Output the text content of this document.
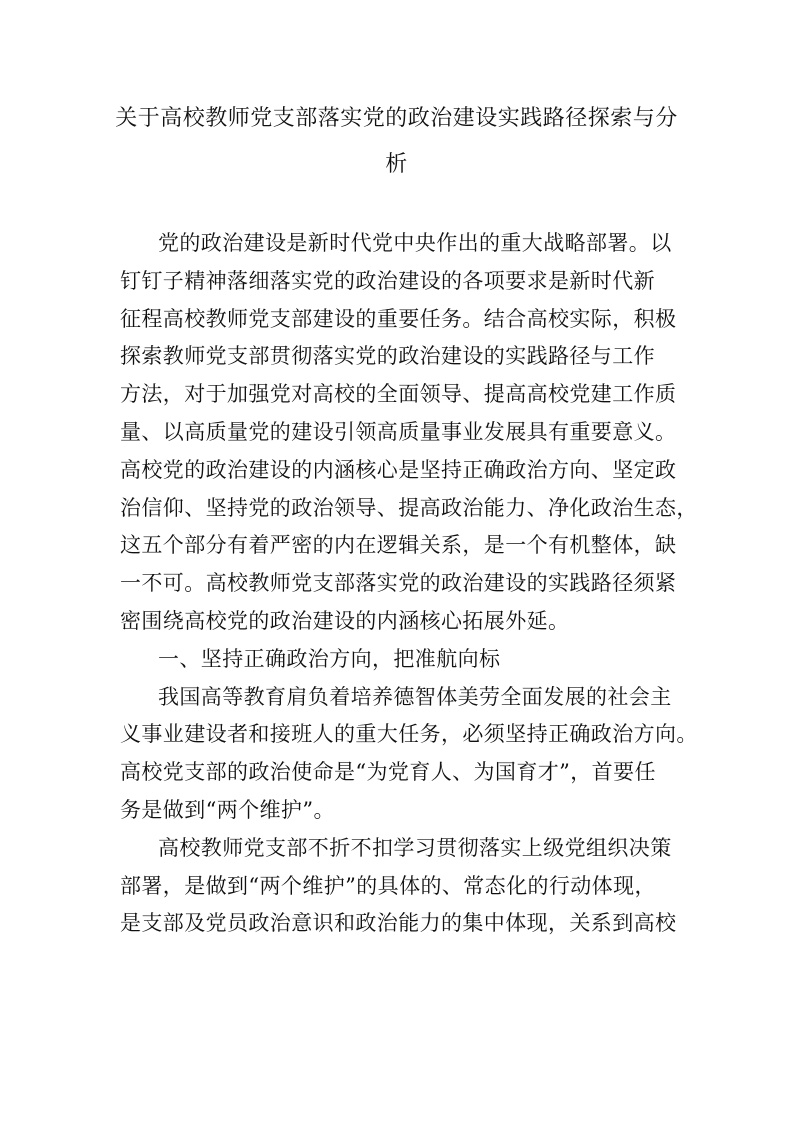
关于高校教师党支部落实党的政治建设实践路径探索与分
析
党的政治建设是新时代党中央作出的重大战略部署。以
钉钉子精神落细落实党的政治建设的各项要求是新时代新
征程高校教师党支部建设的重要任务。结合高校实际，积极
探索教师党支部贯彻落实党的政治建设的实践路径与工作
方法，对于加强党对高校的全面领导、提高高校党建工作质
量、以高质量党的建设引领高质量事业发展具有重要意义。
高校党的政治建设的内涵核心是坚持正确政治方向、坚定政
治信仰、坚持党的政治领导、提高政治能力、净化政治生态，
这五个部分有着严密的内在逻辑关系，是一个有机整体，缺
一不可。高校教师党支部落实党的政治建设的实践路径须紧
密围绕高校党的政治建设的内涵核心拓展外延。
一、坚持正确政治方向，把准航向标
我国高等教育肩负着培养德智体美劳全面发展的社会主
义事业建设者和接班人的重大任务，必须坚持正确政治方向。
高校党支部的政治使命是“为党育人、为国育才”，首要任
务是做到“两个维护”。
高校教师党支部不折不扣学习贯彻落实上级党组织决策
部署，是做到“两个维护”的具体的、常态化的行动体现，
是支部及党员政治意识和政治能力的集中体现，关系到高校
